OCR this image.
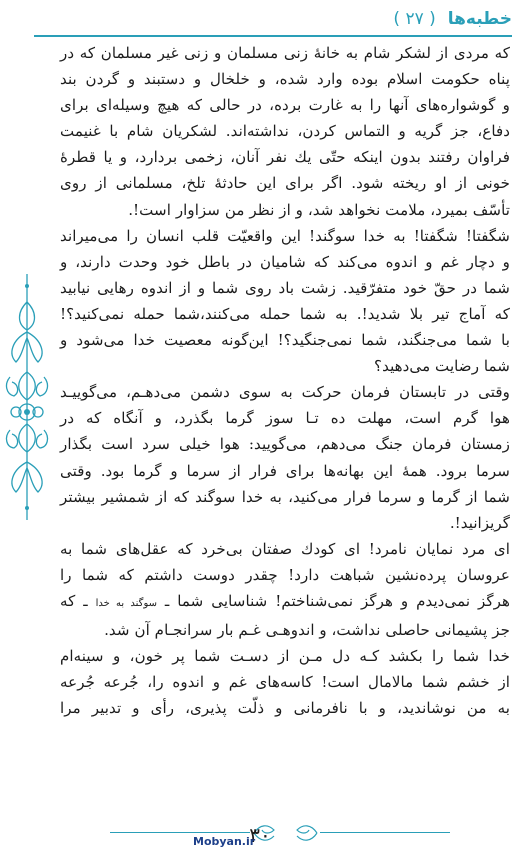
خطبه‌ها( ۲۷ )

که مردی از لشکر شام به خانهٔ زنی مسلمان و زنی غیر مسلمان که در

پناه حکومت اسلام بوده وارد شده، و خلخال و دستبند و گردن بند

و گوشواره‌های آنها را به غارت برده، در حالی که هیچ وسیله‌ای برای

دفاع، جز گریه و التماس کردن، نداشته‌اند. لشکریان شام با غنیمت

فراوان رفتند بدون اینکه حتّی یك نفر آنان، زخمی بردارد، و یا قطرهٔ

خونی از او ریخته شود. اگر برای این حادثهٔ تلخ، مسلمانی از روی

تأسّف بمیرد، ملامت نخواهد شد، و از نظر من سزاوار است!.

شگفتا! شگفتا! به خدا سوگند! این واقعیّت قلب انسان را می‌میراند

و دچار غم و اندوه می‌کند که شامیان در باطل خود وحدت دارند، و

شما در حقّ خود متفرّقید. زشت باد روی شما و از اندوه رهایی نیابید

که آماج تیر بلا شدید!. به شما حمله می‌کنند،شما حمله نمی‌کنید؟!

با شما می‌جنگند، شما نمی‌جنگید؟! این‌گونه معصیت خدا می‌شود و

شما رضایت می‌دهید؟

وقتی در تابستان فرمان حرکت به سوی دشمن می‌دهـم، می‌گوییـد

هوا گرم است، مهلت ده تـا سوز گرما بگذرد، و آنگاه که در

زمستان فرمان جنگ می‌دهم، می‌گویید: هوا خیلی سرد است بگذار

سرما برود. همهٔ این بهانه‌ها برای فرار از سرما و گرما بود. وقتی

شما از گرما و سرما فرار می‌کنید، به خدا سوگند که از شمشیر بیشتر

گریزانید!.

ای مرد نمایان نامرد! ای کودك صفتان بی‌خرد که عقل‌های شما به

عروسان پرده‌نشین شباهت دارد! چقدر دوست داشتم که شما را

هرگز نمی‌دیدم و هرگز نمی‌شناختم! شناسایی شما ـ سوگند به خدا ـ که

جز پشیمانی حاصلی نداشت، و اندوهـی غـم بار سرانجـام آن شد.

خدا شما را بکشد کـه دل مـن از دسـت شما پر خون، و سینه‌ام

از خشم شما مالامال است! کاسه‌های غم و اندوه را، جُرعه جُرعه

به من نوشاندید، و با نافرمانی و ذلّت پذیری، رأی و تدبیر مرا

۳۰
Mobyan.ir
